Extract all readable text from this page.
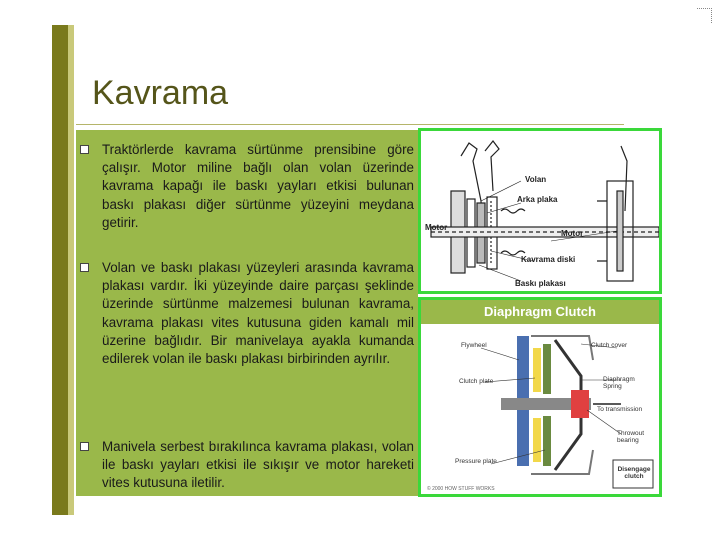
Kavrama
Traktörlerde kavrama sürtünme prensibine göre çalışır. Motor miline bağlı olan volan üzerinde kavrama kapağı ile baskı yayları etkisi bulunan baskı plakası diğer sürtünme yüzeyini meydana getirir.
Volan ve baskı plakası yüzeyleri arasında kavrama plakası vardır. İki yüzeyinde daire parçası şeklinde üzerinde sürtünme malzemesi bulunan kavrama, kavrama plakası vites kutusuna giden kamalı mil üzerine bağlıdır. Bir manivelaya ayakla kumanda edilerek volan ile baskı plakası birbirinden ayrılır.
Manivela serbest bırakılınca kavrama plakası, volan ile baskı yayları etkisi ile sıkışır ve motor hareketi vites kutusuna iletilir.
Volan
Arka plaka
Motor
Motor
Kavrama diski
Baskı plakası
Diaphragm Clutch
Flywheel	Clutch cover
Clutch plate	Diaphragm Spring
To transmission
Throwout bearing
Pressure plate
Disengage clutch
© 2000 HOW STUFF WORKS
